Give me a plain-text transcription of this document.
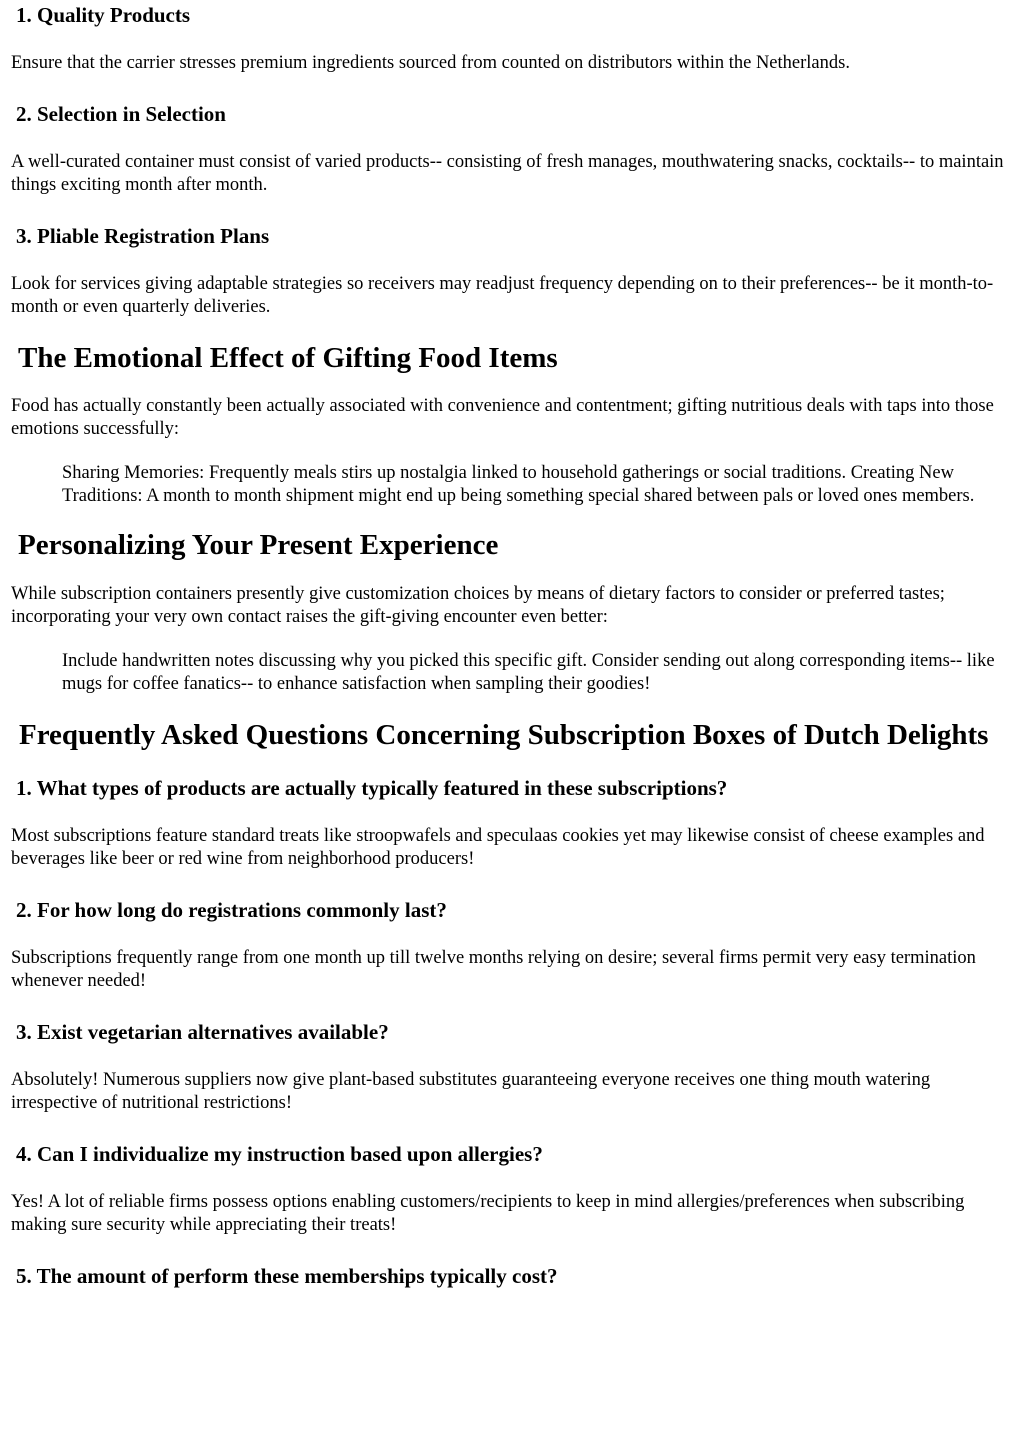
1. Quality Products

Ensure that the carrier stresses premium ingredients sourced from counted on distributors within the Netherlands.

2. Selection in Selection

A well-curated container must consist of varied products-- consisting of fresh manages, mouthwatering snacks, cocktails-- to maintain things exciting month after month.

3. Pliable Registration Plans

Look for services giving adaptable strategies so receivers may readjust frequency depending on to their preferences-- be it month-to-month or even quarterly deliveries.

The Emotional Effect of Gifting Food Items

Food has actually constantly been actually associated with convenience and contentment; gifting nutritious deals with taps into those emotions successfully:

Sharing Memories: Frequently meals stirs up nostalgia linked to household gatherings or social traditions. Creating New Traditions: A month to month shipment might end up being something special shared between pals or loved ones members.
Personalizing Your Present Experience

While subscription containers presently give customization choices by means of dietary factors to consider or preferred tastes; incorporating your very own contact raises the gift-giving encounter even better:

Include handwritten notes discussing why you picked this specific gift. Consider sending out along corresponding items-- like mugs for coffee fanatics-- to enhance satisfaction when sampling their goodies!
Frequently Asked Questions Concerning Subscription Boxes of Dutch Delights
1. What types of products are actually typically featured in these subscriptions?

Most subscriptions feature standard treats like stroopwafels and speculaas cookies yet may likewise consist of cheese examples and beverages like beer or red wine from neighborhood producers!

2. For how long do registrations commonly last?

Subscriptions frequently range from one month up till twelve months relying on desire; several firms permit very easy termination whenever needed!

3. Exist vegetarian alternatives available?

Absolutely! Numerous suppliers now give plant-based substitutes guaranteeing everyone receives one thing mouth watering irrespective of nutritional restrictions!

4. Can I individualize my instruction based upon allergies?

Yes! A lot of reliable firms possess options enabling customers/recipients to keep in mind allergies/preferences when subscribing making sure security while appreciating their treats!

5. The amount of perform these memberships typically cost?
